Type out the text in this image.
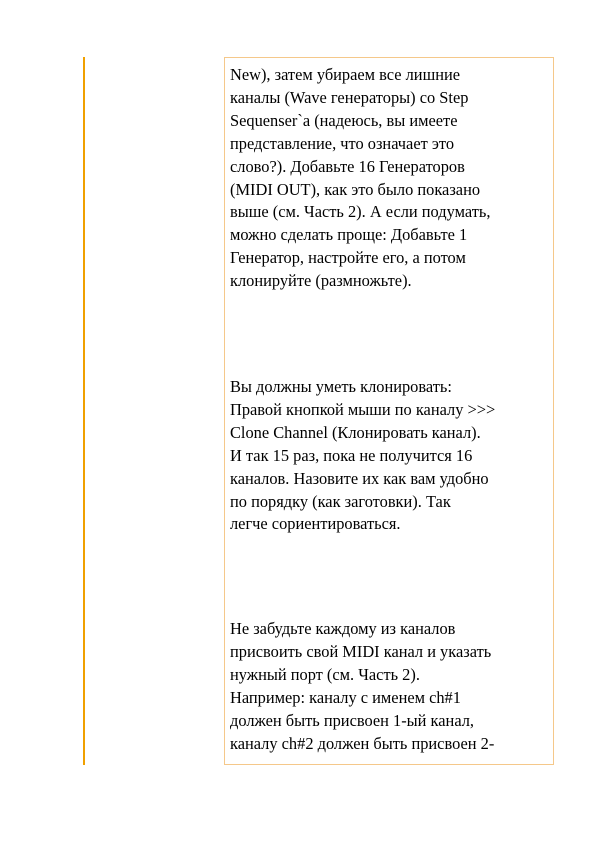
New), затем убираем все лишние
каналы (Wave генераторы) со Step
Sequenser`a (надеюсь, вы имеете
представление, что означает это
слово?). Добавьте 16 Генераторов
(MIDI OUT), как это было показано
выше (см. Часть 2). А если подумать,
можно сделать проще: Добавьте 1
Генератор, настройте его, а потом
клонируйте (размножьте).

Вы должны уметь клонировать:
Правой кнопкой мыши по каналу >>>
Clone Channel (Клонировать канал).
И так 15 раз, пока не получится 16
каналов. Назовите их как вам удобно
по порядку (как заготовки). Так
легче сориентироваться.

Не забудьте каждому из каналов
присвоить свой MIDI канал и указать
нужный порт (см. Часть 2).
Например: каналу с именем ch#1
должен быть присвоен 1-ый канал,
каналу ch#2 должен быть присвоен 2-
